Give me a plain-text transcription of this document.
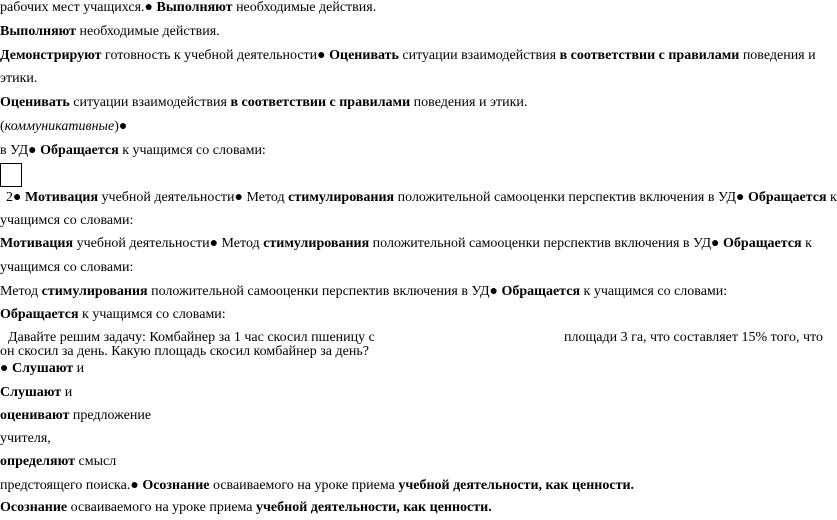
рабочих мест учащихся.● Выполняют необходимые действия.
Выполняют необходимые действия.
Демонстрируют готовность к учебной деятельности● Оценивать ситуации взаимодействия в соответствии с правилами поведения и
этики.
Оценивать ситуации взаимодействия в соответствии с правилами поведения и этики.
(коммуникативные)●
в УД● Обращается к учащимся со словами:
2● Мотивация учебной деятельности● Метод стимулирования положительной самооценки перспектив включения в УД● Обращается к
учащимся со словами:
Мотивация учебной деятельности● Метод стимулирования положительной самооценки перспектив включения в УД● Обращается к
учащимся со словами:
Метод стимулирования положительной самооценки перспектив включения в УД● Обращается к учащимся со словами:
Обращается к учащимся со словами:
Давайте решим задачу: Комбайнер за 1 час скосил пшеницу с	площади 3 га, что составляет 15% того, что
он скосил за день. Какую площадь скосил комбайнер за день?
● Слушают и
Слушают и
оценивают предложение
учителя,
определяют смысл
предстоящего поиска.● Осознание осваиваемого на уроке приема учебной деятельности, как ценности.
Осознание осваиваемого на уроке приема учебной деятельности, как ценности.
